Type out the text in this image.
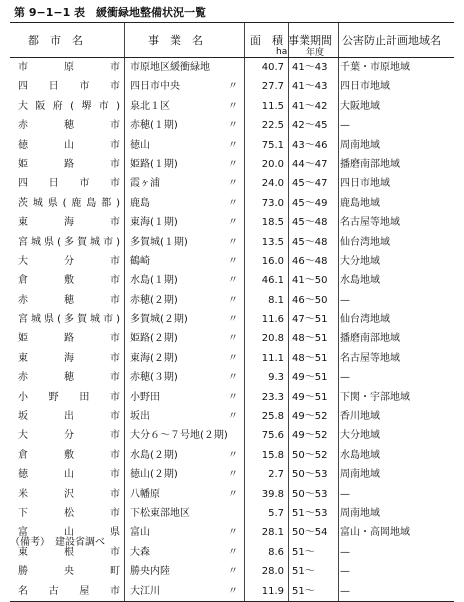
第 9−1−1 表　緩衝緑地整備状況一覧
都　市　名	事　業　名	面　積 事業期間 公害防止計画地域名
ha 年度
市原市 市原地区緩衝緑地	40.7 41〜43	千葉・市原地域
四日市市 四日市中央	〃	27.7 41〜43	四日市地域
大阪府(堺市) 泉北１区	〃	11.5 41〜42	大阪地域
赤穂市 赤穂(１期)	〃	22.5 42〜45	—
徳山市 徳山	〃	75.1 43〜46	周南地域
姫路市 姫路(１期)	〃	20.0 44〜47	播磨南部地域
四日市市 霞ヶ浦	〃	24.0 45〜47	四日市地域
茨城県(鹿島都) 鹿島	〃	73.0 45〜49	鹿島地域
東海市 東海(１期)	〃	18.5 45〜48	名古屋等地域
宮城県(多賀城市) 多賀城(１期)	〃	13.5 45〜48	仙台湾地域
大分市 鶴崎	〃	16.0 46〜48	大分地域
倉敷市 水島(１期)	〃	46.1 41〜50	水島地域
赤穂市 赤穂(２期)	〃	8.1 46〜50	—
宮城県(多賀城市) 多賀城(２期)	〃	11.6 47〜51	仙台湾地域
姫路市 姫路(２期)	〃	20.8 48〜51	播磨南部地域
東海市 東海(２期)	〃	11.1 48〜51	名古屋等地域
赤穂市 赤穂(３期)	〃	9.3 49〜51	—
小野田市 小野田	〃	23.3 49〜51	下関・宇部地域
坂出市 坂出	〃	25.8 49〜52	香川地域
大分市 大分６〜７号地(２期)	75.6 49〜52	大分地域
倉敷市 水島(２期)	〃	15.8 50〜52	水島地域
徳山市 徳山(２期)	〃	2.7 50〜53	周南地域
米沢市 八幡原	〃	39.8 50〜53	—
下松市 下松東部地区	5.7 51〜53	周南地域
富山県 富山	〃	28.1 50〜54	富山・高岡地域
東根市 大森	〃	8.6 51〜	—
勝央町 勝央内陸	〃	28.0 51〜	—
名古屋市 大江川	〃	11.9 51〜	—
（備考）　建設省調べ
